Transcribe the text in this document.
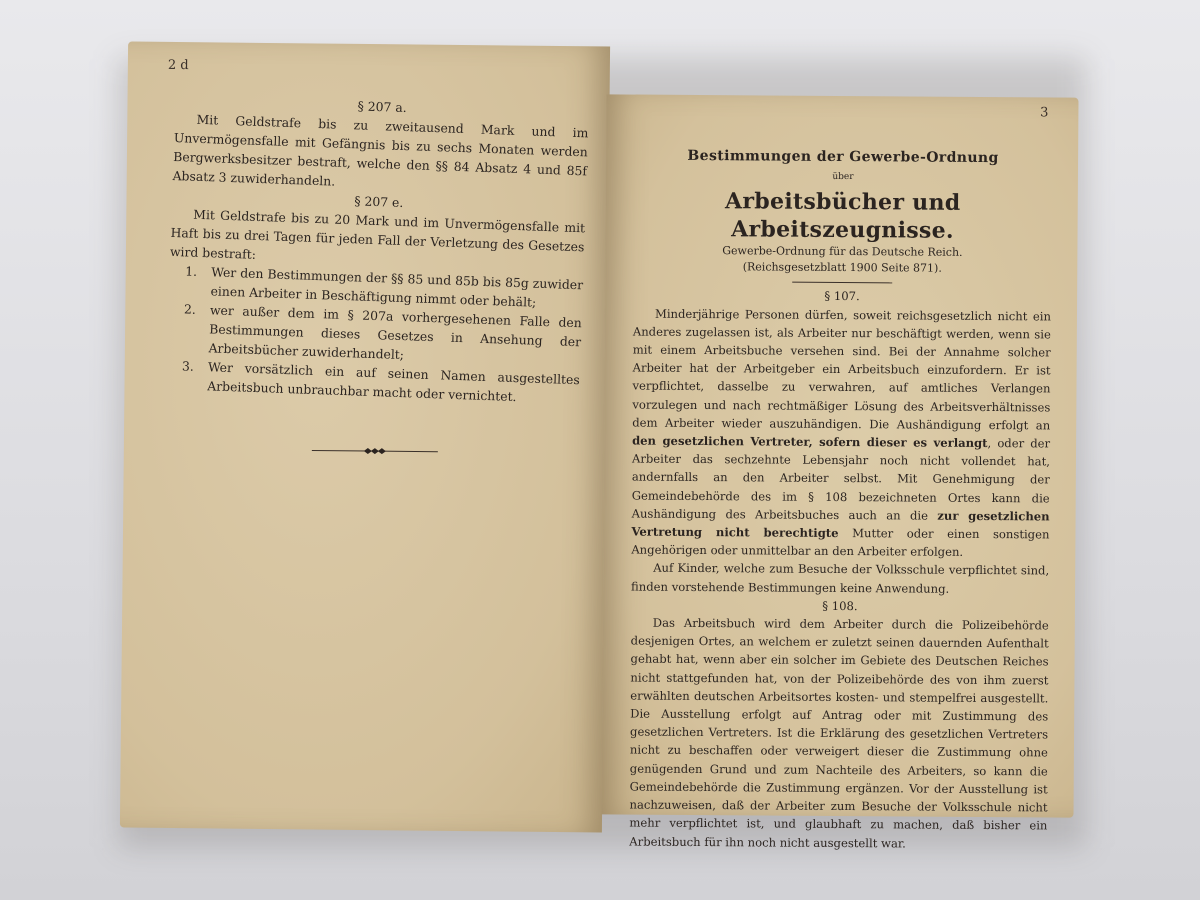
2 d
§ 207 a.

Mit Geldstrafe bis zu zweitausend Mark und im Unvermögensfalle mit Gefängnis bis zu sechs Monaten werden Bergwerksbesitzer bestraft, welche den §§ 84 Absatz 4 und 85f Absatz 3 zuwiderhandeln.

§ 207 e.

Mit Geldstrafe bis zu 20 Mark und im Unvermögensfalle mit Haft bis zu drei Tagen für jeden Fall der Verletzung des Gesetzes wird bestraft:

1.	Wer den Bestimmungen der §§ 85 und 85b bis 85g zuwider einen Arbeiter in Beschäftigung nimmt oder behält;
2.	wer außer dem im § 207a vorhergesehenen Falle den Bestimmungen dieses Gesetzes in Ansehung der Arbeitsbücher zuwiderhandelt;
3.	Wer vorsätzlich ein auf seinen Namen ausgestelltes Arbeitsbuch unbrauchbar macht oder vernichtet.
3
Bestimmungen der Gewerbe-Ordnung
über
Arbeitsbücher und Arbeitszeugnisse.
Gewerbe-Ordnung für das Deutsche Reich.
(Reichsgesetzblatt 1900 Seite 871).
§ 107.

Minderjährige Personen dürfen, soweit reichsgesetzlich nicht ein Anderes zugelassen ist, als Arbeiter nur beschäftigt werden, wenn sie mit einem Arbeitsbuche versehen sind. Bei der Annahme solcher Arbeiter hat der Arbeitgeber ein Arbeitsbuch einzufordern. Er ist verpflichtet, dasselbe zu verwahren, auf amtliches Verlangen vorzulegen und nach rechtmäßiger Lösung des Arbeitsverhältnisses dem Arbeiter wieder auszuhändigen. Die Aushändigung erfolgt an den gesetzlichen Vertreter, sofern dieser es verlangt, oder der Arbeiter das sechzehnte Lebensjahr noch nicht vollendet hat, andernfalls an den Arbeiter selbst. Mit Genehmigung der Gemeindebehörde des im § 108 bezeichneten Ortes kann die Aushändigung des Arbeitsbuches auch an die zur gesetzlichen Vertretung nicht berechtigte Mutter oder einen sonstigen Angehörigen oder unmittelbar an den Arbeiter erfolgen.

Auf Kinder, welche zum Besuche der Volksschule verpflichtet sind, finden vorstehende Bestimmungen keine Anwendung.

§ 108.

Das Arbeitsbuch wird dem Arbeiter durch die Polizeibehörde desjenigen Ortes, an welchem er zuletzt seinen dauernden Aufenthalt gehabt hat, wenn aber ein solcher im Gebiete des Deutschen Reiches nicht stattgefunden hat, von der Polizeibehörde des von ihm zuerst erwählten deutschen Arbeitsortes kosten- und stempelfrei ausgestellt. Die Ausstellung erfolgt auf Antrag oder mit Zustimmung des gesetzlichen Vertreters. Ist die Erklärung des gesetzlichen Vertreters nicht zu beschaffen oder verweigert dieser die Zustimmung ohne genügenden Grund und zum Nachteile des Arbeiters, so kann die Gemeindebehörde die Zustimmung ergänzen. Vor der Ausstellung ist nachzuweisen, daß der Arbeiter zum Besuche der Volksschule nicht mehr verpflichtet ist, und glaubhaft zu machen, daß bisher ein Arbeitsbuch für ihn noch nicht ausgestellt war.
